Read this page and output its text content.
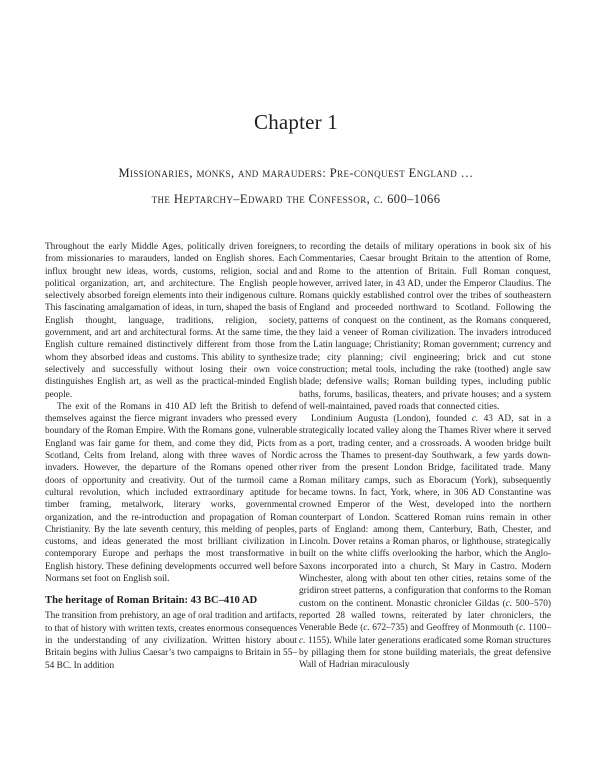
Chapter 1
Missionaries, monks, and marauders: Pre-conquest England …
the Heptarchy–Edward the Confessor, c. 600–1066

Throughout the early Middle Ages, politically driven foreigners, from missionaries to marauders, landed on English shores. Each influx brought new ideas, words, customs, religion, social and political organization, art, and architecture. The English people selectively absorbed foreign elements into their indigenous culture. This fascinating amalgamation of ideas, in turn, shaped the basis of English thought, language, traditions, religion, society, government, and art and architectural forms. At the same time, the English culture remained distinctively different from those from whom they absorbed ideas and customs. This ability to synthesize selectively and successfully without losing their own voice distinguishes English art, as well as the practical-minded English people.

The exit of the Romans in 410 AD left the British to defend themselves against the fierce migrant invaders who pressed every boundary of the Roman Empire. With the Romans gone, vulnerable England was fair game for them, and come they did, Picts from Scotland, Celts from Ireland, along with three waves of Nordic invaders. However, the departure of the Romans opened other doors of opportunity and creativity. Out of the turmoil came a cultural revolution, which included extraordinary aptitude for timber framing, metalwork, literary works, governmental organization, and the re-introduction and propagation of Roman Christianity. By the late seventh century, this melding of peoples, customs, and ideas generated the most brilliant civilization in contemporary Europe and perhaps the most transformative in English history. These defining developments occurred well before Normans set foot on English soil.

The heritage of Roman Britain: 43 BC–410 AD

The transition from prehistory, an age of oral tradition and artifacts, to that of history with written texts, creates enormous consequences in the understanding of any civilization. Written history about Britain begins with Julius Caesar’s two campaigns to Britain in 55–54 BC. In addition

to recording the details of military operations in book six of his Commentaries, Caesar brought Britain to the attention of Rome, and Rome to the attention of Britain. Full Roman conquest, however, arrived later, in 43 AD, under the Emperor Claudius. The Romans quickly established control over the tribes of southeastern England and proceeded northward to Scotland. Following the patterns of conquest on the continent, as the Romans conquered, they laid a veneer of Roman civilization. The invaders introduced the Latin language; Christianity; Roman government; currency and trade; city planning; civil engineering; brick and cut stone construction; metal tools, including the rake (toothed) angle saw blade; defensive walls; Roman building types, including public baths, forums, basilicas, theaters, and private houses; and a system of well-maintained, paved roads that connected cities.

Londinium Augusta (London), founded c. 43 AD, sat in a strategically located valley along the Thames River where it served as a port, trading center, and a crossroads. A wooden bridge built across the Thames to present-day Southwark, a few yards down-river from the present London Bridge, facilitated trade. Many Roman military camps, such as Eboracum (York), subsequently became towns. In fact, York, where, in 306 AD Constantine was crowned Emperor of the West, developed into the northern counterpart of London. Scattered Roman ruins remain in other parts of England: among them, Canterbury, Bath, Chester, and Lincoln. Dover retains a Roman pharos, or lighthouse, strategically built on the white cliffs overlooking the harbor, which the Anglo-Saxons incorporated into a church, St Mary in Castro. Modern Winchester, along with about ten other cities, retains some of the gridiron street patterns, a configuration that conforms to the Roman custom on the continent. Monastic chronicler Gildas (c. 500–570) reported 28 walled towns, reiterated by later chroniclers, the Venerable Bede (c. 672–735) and Geoffrey of Monmouth (c. 1100–c. 1155). While later generations eradicated some Roman structures by pillaging them for stone building materials, the great defensive Wall of Hadrian miraculously
